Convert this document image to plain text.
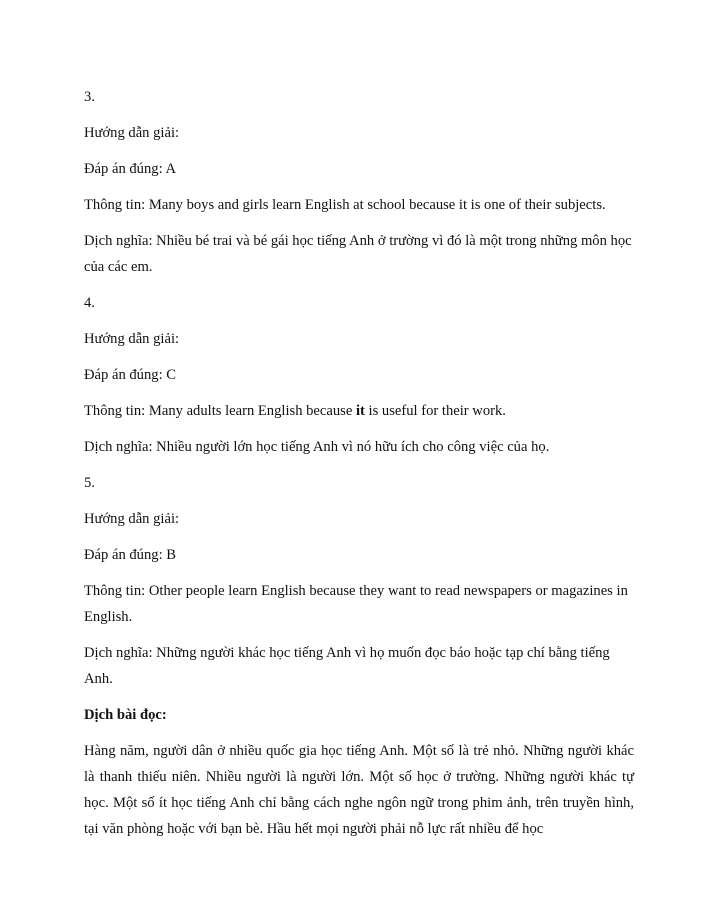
3.

Hướng dẫn giải:

Đáp án đúng: A

Thông tin: Many boys and girls learn English at school because it is one of their subjects.

Dịch nghĩa: Nhiều bé trai và bé gái học tiếng Anh ở trường vì đó là một trong những môn học của các em.

4.

Hướng dẫn giải:

Đáp án đúng: C

Thông tin: Many adults learn English because it is useful for their work.

Dịch nghĩa: Nhiều người lớn học tiếng Anh vì nó hữu ích cho công việc của họ.

5.

Hướng dẫn giải:

Đáp án đúng: B

Thông tin: Other people learn English because they want to read newspapers or magazines in English.

Dịch nghĩa: Những người khác học tiếng Anh vì họ muốn đọc báo hoặc tạp chí bằng tiếng Anh.

Dịch bài đọc:

Hàng năm, người dân ở nhiều quốc gia học tiếng Anh. Một số là trẻ nhỏ. Những người khác là thanh thiếu niên. Nhiều người là người lớn. Một số học ở trường. Những người khác tự học. Một số ít học tiếng Anh chỉ bằng cách nghe ngôn ngữ trong phim ảnh, trên truyền hình, tại văn phòng hoặc với bạn bè. Hầu hết mọi người phải nỗ lực rất nhiều để học
